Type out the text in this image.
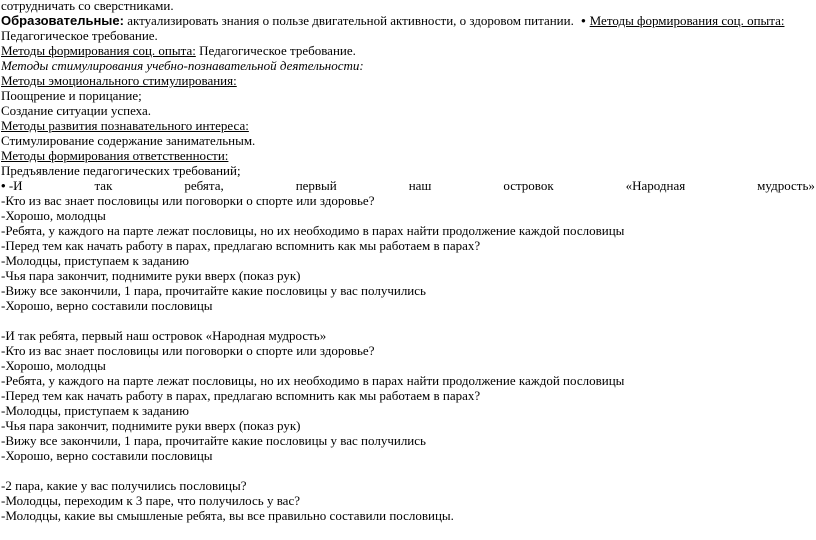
сотрудничать со сверстниками.
Образовательные: актуализировать знания о пользе двигательной активности, о здоровом питании. • Методы формирования соц. опыта:
Педагогическое требование.
Методы формирования соц. опыта: Педагогическое требование.
Методы стимулирования учебно-познавательной деятельности:
Методы эмоционального стимулирования:
Поощрение и порицание;
Создание ситуации успеха.
Методы развития познавательного интереса:
Стимулирование содержание занимательным.
Методы формирования ответственности:
Предъявление педагогических требований;
• -И	так	ребята,	первый	наш	островок	«Народная	мудрость»
-Кто из вас знает пословицы или поговорки о спорте или здоровье?
-Хорошо, молодцы
-Ребята, у каждого на парте лежат пословицы, но их необходимо в парах найти продолжение каждой пословицы
-Перед тем как начать работу в парах, предлагаю вспомнить как мы работаем в парах?
-Молодцы, приступаем к заданию
-Чья пара закончит, поднимите руки вверх (показ рук)
-Вижу все закончили, 1 пара, прочитайте какие пословицы у вас получились
-Хорошо, верно составили пословицы
-И так ребята, первый наш островок «Народная мудрость»
-Кто из вас знает пословицы или поговорки о спорте или здоровье?
-Хорошо, молодцы
-Ребята, у каждого на парте лежат пословицы, но их необходимо в парах найти продолжение каждой пословицы
-Перед тем как начать работу в парах, предлагаю вспомнить как мы работаем в парах?
-Молодцы, приступаем к заданию
-Чья пара закончит, поднимите руки вверх (показ рук)
-Вижу все закончили, 1 пара, прочитайте какие пословицы у вас получились
-Хорошо, верно составили пословицы
-2 пара, какие у вас получились пословицы?
-Молодцы, переходим к 3 паре, что получилось у вас?
-Молодцы, какие вы смышленые ребята, вы все правильно составили пословицы.
